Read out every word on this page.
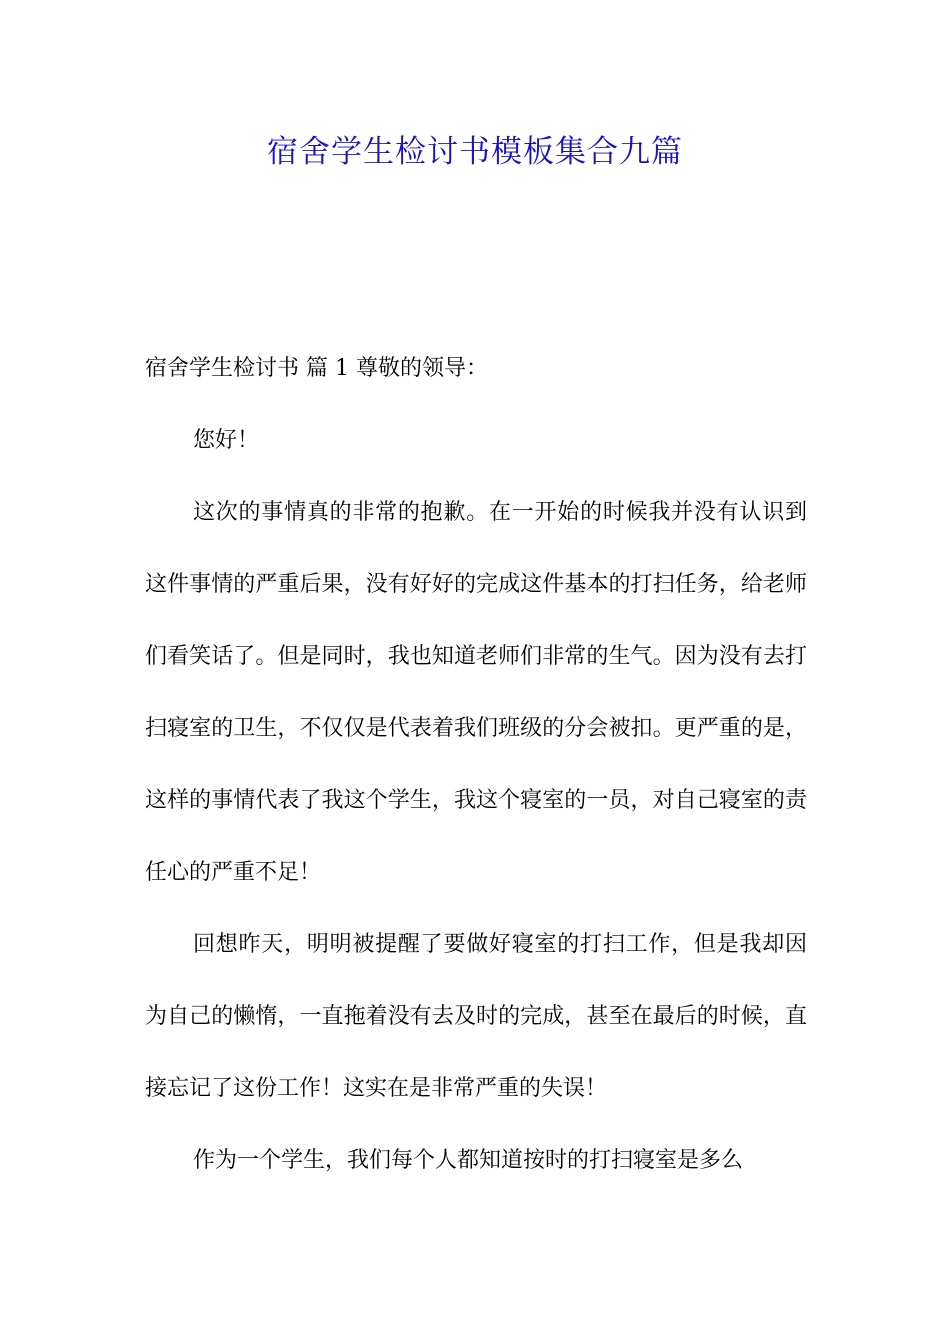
宿舍学生检讨书模板集合九篇

宿舍学生检讨书 篇 1 尊敬的领导：

您好！

这次的事情真的非常的抱歉。在一开始的时候我并没有认识到这件事情的严重后果，没有好好的完成这件基本的打扫任务，给老师们看笑话了。但是同时，我也知道老师们非常的生气。因为没有去打扫寝室的卫生，不仅仅是代表着我们班级的分会被扣。更严重的是，这样的事情代表了我这个学生，我这个寝室的一员，对自己寝室的责任心的严重不足！

回想昨天，明明被提醒了要做好寝室的打扫工作，但是我却因为自己的懒惰，一直拖着没有去及时的完成，甚至在最后的时候，直接忘记了这份工作！这实在是非常严重的失误！

作为一个学生，我们每个人都知道按时的打扫寝室是多么
